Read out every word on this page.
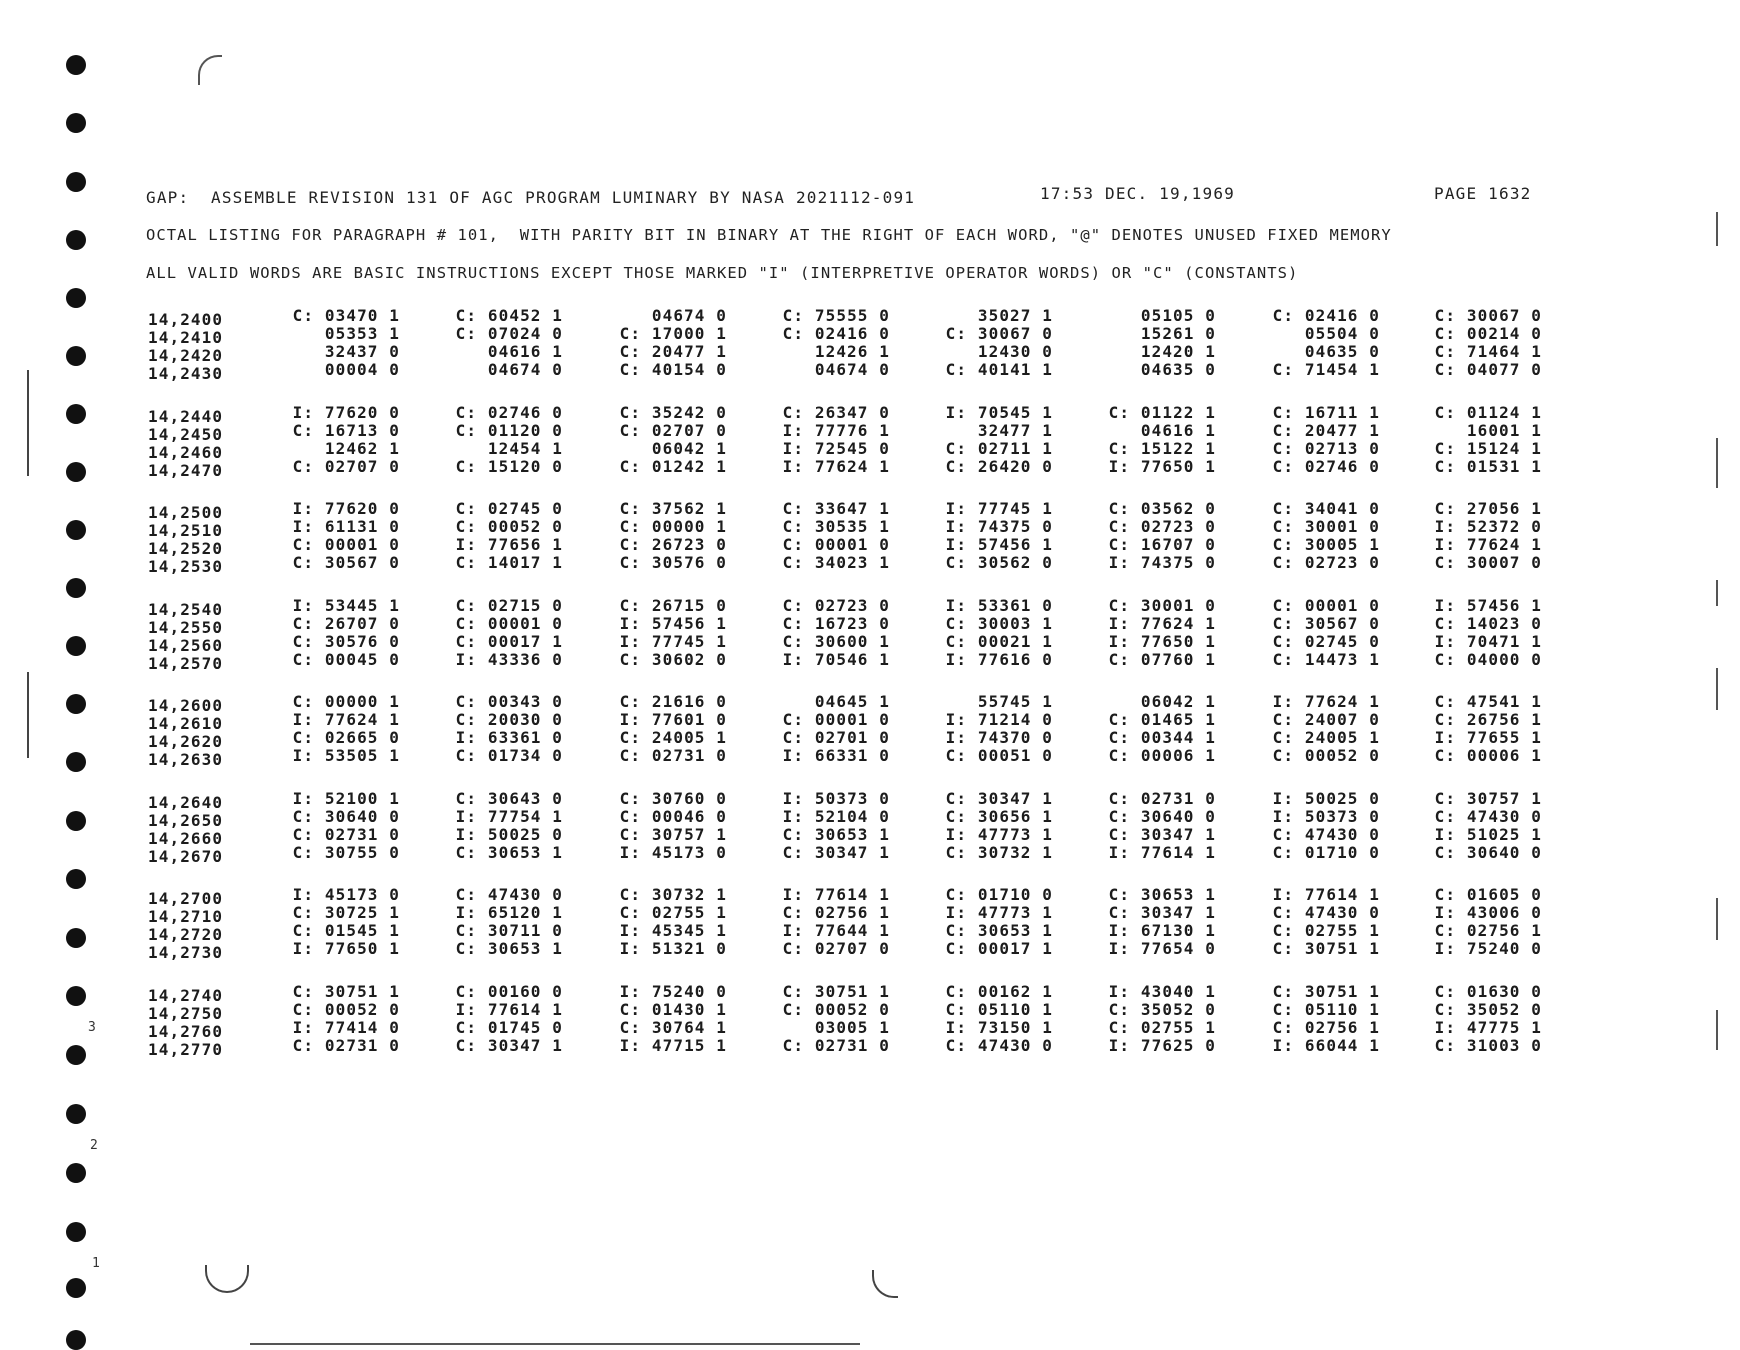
3
2
1
GAP:  ASSEMBLE REVISION 131 OF AGC PROGRAM LUMINARY BY NASA 2021112-091	17:53 DEC. 19,1969	PAGE 1632
OCTAL LISTING FOR PARAGRAPH # 101,  WITH PARITY BIT IN BINARY AT THE RIGHT OF EACH WORD, "@" DENOTES UNUSED FIXED MEMORY
ALL VALID WORDS ARE BASIC INSTRUCTIONS EXCEPT THOSE MARKED "I" (INTERPRETIVE OPERATOR WORDS) OR "C" (CONSTANTS)
14,2400	C: 03470 1	C: 60452 1	04674 0	C: 75555 0	35027 1	05105 0	C: 02416 0	C: 30067 0
14,2410	05353 1	C: 07024 0	C: 17000 1	C: 02416 0	C: 30067 0	15261 0	05504 0	C: 00214 0
14,2420	32437 0	04616 1	C: 20477 1	12426 1	12430 0	12420 1	04635 0	C: 71464 1
14,2430	00004 0	04674 0	C: 40154 0	04674 0	C: 40141 1	04635 0	C: 71454 1	C: 04077 0
14,2440	I: 77620 0	C: 02746 0	C: 35242 0	C: 26347 0	I: 70545 1	C: 01122 1	C: 16711 1	C: 01124 1
14,2450	C: 16713 0	C: 01120 0	C: 02707 0	I: 77776 1	32477 1	04616 1	C: 20477 1	16001 1
14,2460	12462 1	12454 1	06042 1	I: 72545 0	C: 02711 1	C: 15122 1	C: 02713 0	C: 15124 1
14,2470	C: 02707 0	C: 15120 0	C: 01242 1	I: 77624 1	C: 26420 0	I: 77650 1	C: 02746 0	C: 01531 1
14,2500	I: 77620 0	C: 02745 0	C: 37562 1	C: 33647 1	I: 77745 1	C: 03562 0	C: 34041 0	C: 27056 1
14,2510	I: 61131 0	C: 00052 0	C: 00000 1	C: 30535 1	I: 74375 0	C: 02723 0	C: 30001 0	I: 52372 0
14,2520	C: 00001 0	I: 77656 1	C: 26723 0	C: 00001 0	I: 57456 1	C: 16707 0	C: 30005 1	I: 77624 1
14,2530	C: 30567 0	C: 14017 1	C: 30576 0	C: 34023 1	C: 30562 0	I: 74375 0	C: 02723 0	C: 30007 0
14,2540	I: 53445 1	C: 02715 0	C: 26715 0	C: 02723 0	I: 53361 0	C: 30001 0	C: 00001 0	I: 57456 1
14,2550	C: 26707 0	C: 00001 0	I: 57456 1	C: 16723 0	C: 30003 1	I: 77624 1	C: 30567 0	C: 14023 0
14,2560	C: 30576 0	C: 00017 1	I: 77745 1	C: 30600 1	C: 00021 1	I: 77650 1	C: 02745 0	I: 70471 1
14,2570	C: 00045 0	I: 43336 0	C: 30602 0	I: 70546 1	I: 77616 0	C: 07760 1	C: 14473 1	C: 04000 0
14,2600	C: 00000 1	C: 00343 0	C: 21616 0	04645 1	55745 1	06042 1	I: 77624 1	C: 47541 1
14,2610	I: 77624 1	C: 20030 0	I: 77601 0	C: 00001 0	I: 71214 0	C: 01465 1	C: 24007 0	C: 26756 1
14,2620	C: 02665 0	I: 63361 0	C: 24005 1	C: 02701 0	I: 74370 0	C: 00344 1	C: 24005 1	I: 77655 1
14,2630	I: 53505 1	C: 01734 0	C: 02731 0	I: 66331 0	C: 00051 0	C: 00006 1	C: 00052 0	C: 00006 1
14,2640	I: 52100 1	C: 30643 0	C: 30760 0	I: 50373 0	C: 30347 1	C: 02731 0	I: 50025 0	C: 30757 1
14,2650	C: 30640 0	I: 77754 1	C: 00046 0	I: 52104 0	C: 30656 1	C: 30640 0	I: 50373 0	C: 47430 0
14,2660	C: 02731 0	I: 50025 0	C: 30757 1	C: 30653 1	I: 47773 1	C: 30347 1	C: 47430 0	I: 51025 1
14,2670	C: 30755 0	C: 30653 1	I: 45173 0	C: 30347 1	C: 30732 1	I: 77614 1	C: 01710 0	C: 30640 0
14,2700	I: 45173 0	C: 47430 0	C: 30732 1	I: 77614 1	C: 01710 0	C: 30653 1	I: 77614 1	C: 01605 0
14,2710	C: 30725 1	I: 65120 1	C: 02755 1	C: 02756 1	I: 47773 1	C: 30347 1	C: 47430 0	I: 43006 0
14,2720	C: 01545 1	C: 30711 0	I: 45345 1	I: 77644 1	C: 30653 1	I: 67130 1	C: 02755 1	C: 02756 1
14,2730	I: 77650 1	C: 30653 1	I: 51321 0	C: 02707 0	C: 00017 1	I: 77654 0	C: 30751 1	I: 75240 0
14,2740	C: 30751 1	C: 00160 0	I: 75240 0	C: 30751 1	C: 00162 1	I: 43040 1	C: 30751 1	C: 01630 0
14,2750	C: 00052 0	I: 77614 1	C: 01430 1	C: 00052 0	C: 05110 1	C: 35052 0	C: 05110 1	C: 35052 0
14,2760	I: 77414 0	C: 01745 0	C: 30764 1	03005 1	I: 73150 1	C: 02755 1	C: 02756 1	I: 47775 1
14,2770	C: 02731 0	C: 30347 1	I: 47715 1	C: 02731 0	C: 47430 0	I: 77625 0	I: 66044 1	C: 31003 0
